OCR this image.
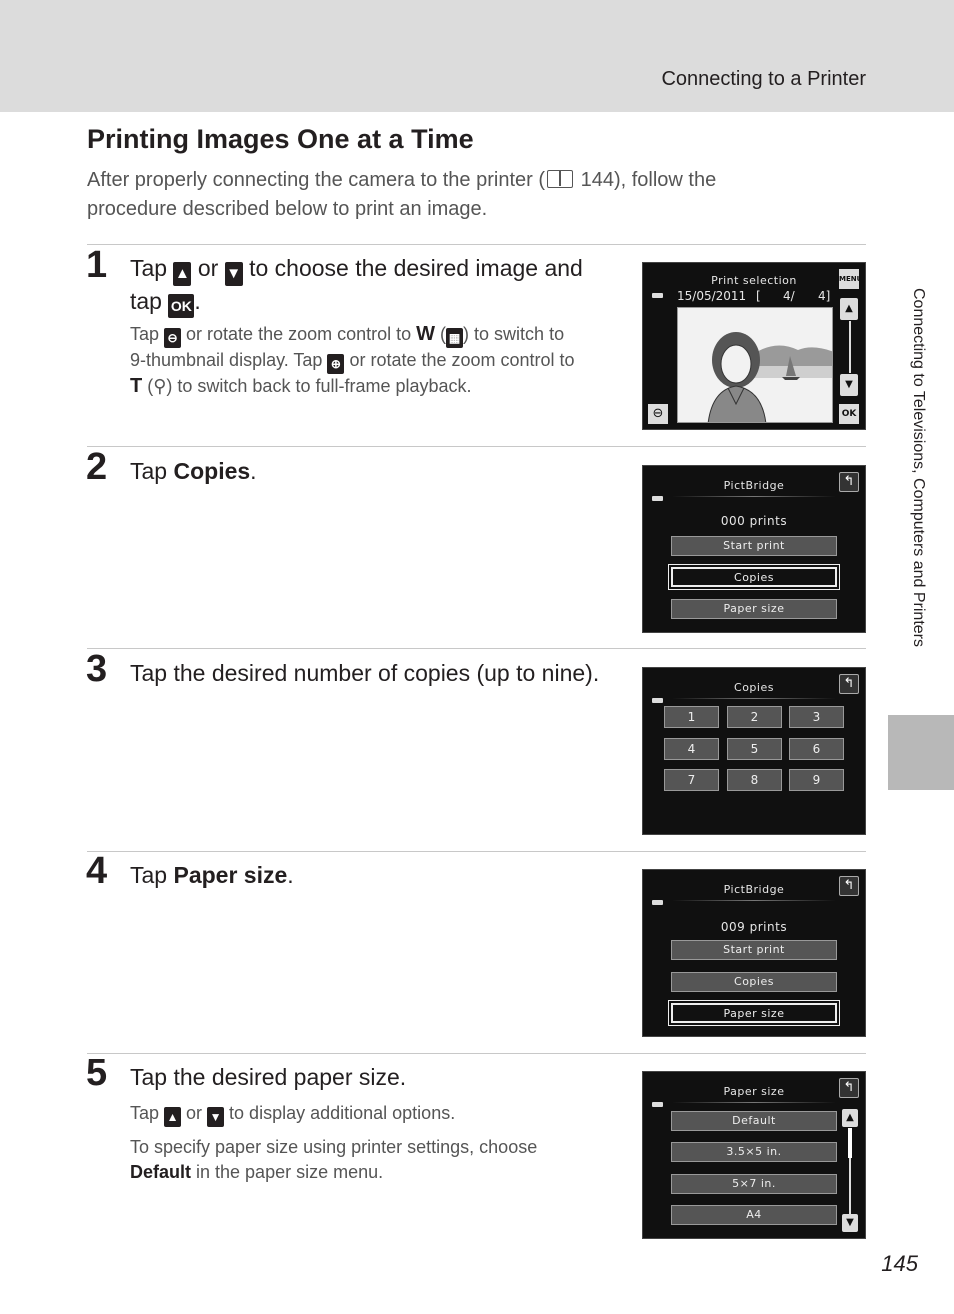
Connecting to a Printer
Printing Images One at a Time
After properly connecting the camera to the printer ( 144), follow the
procedure described below to print an image.
1 Tap ▲ or ▼ to choose the desired image and
tap OK .
Tap ⊖ or rotate the zoom control to W ( ▦ ) to switch to
9-thumbnail display. Tap ⊕ or rotate the zoom control to
T (⚲) to switch back to full-frame playback.
Print selection
15/05/2011 [ 4/ 4]
MENU
▲
▼
OK
⊖
2 Tap Copies.
PictBridge	↰
000 prints
Start print
Copies
Paper size
3 Tap the desired number of copies (up to nine).
Copies	↰
1	2	3
4	5	6
7	8	9
4 Tap Paper size.
PictBridge	↰
009 prints
Start print
Copies
Paper size
5 Tap the desired paper size.
Tap ▲ or ▼ to display additional options.
To specify paper size using printer settings, choose
Default in the paper size menu.
Paper size	↰
Default
3.5×5 in.
5×7 in.
A4
▲
▼
Connecting to Televisions, Computers and Printers
145
